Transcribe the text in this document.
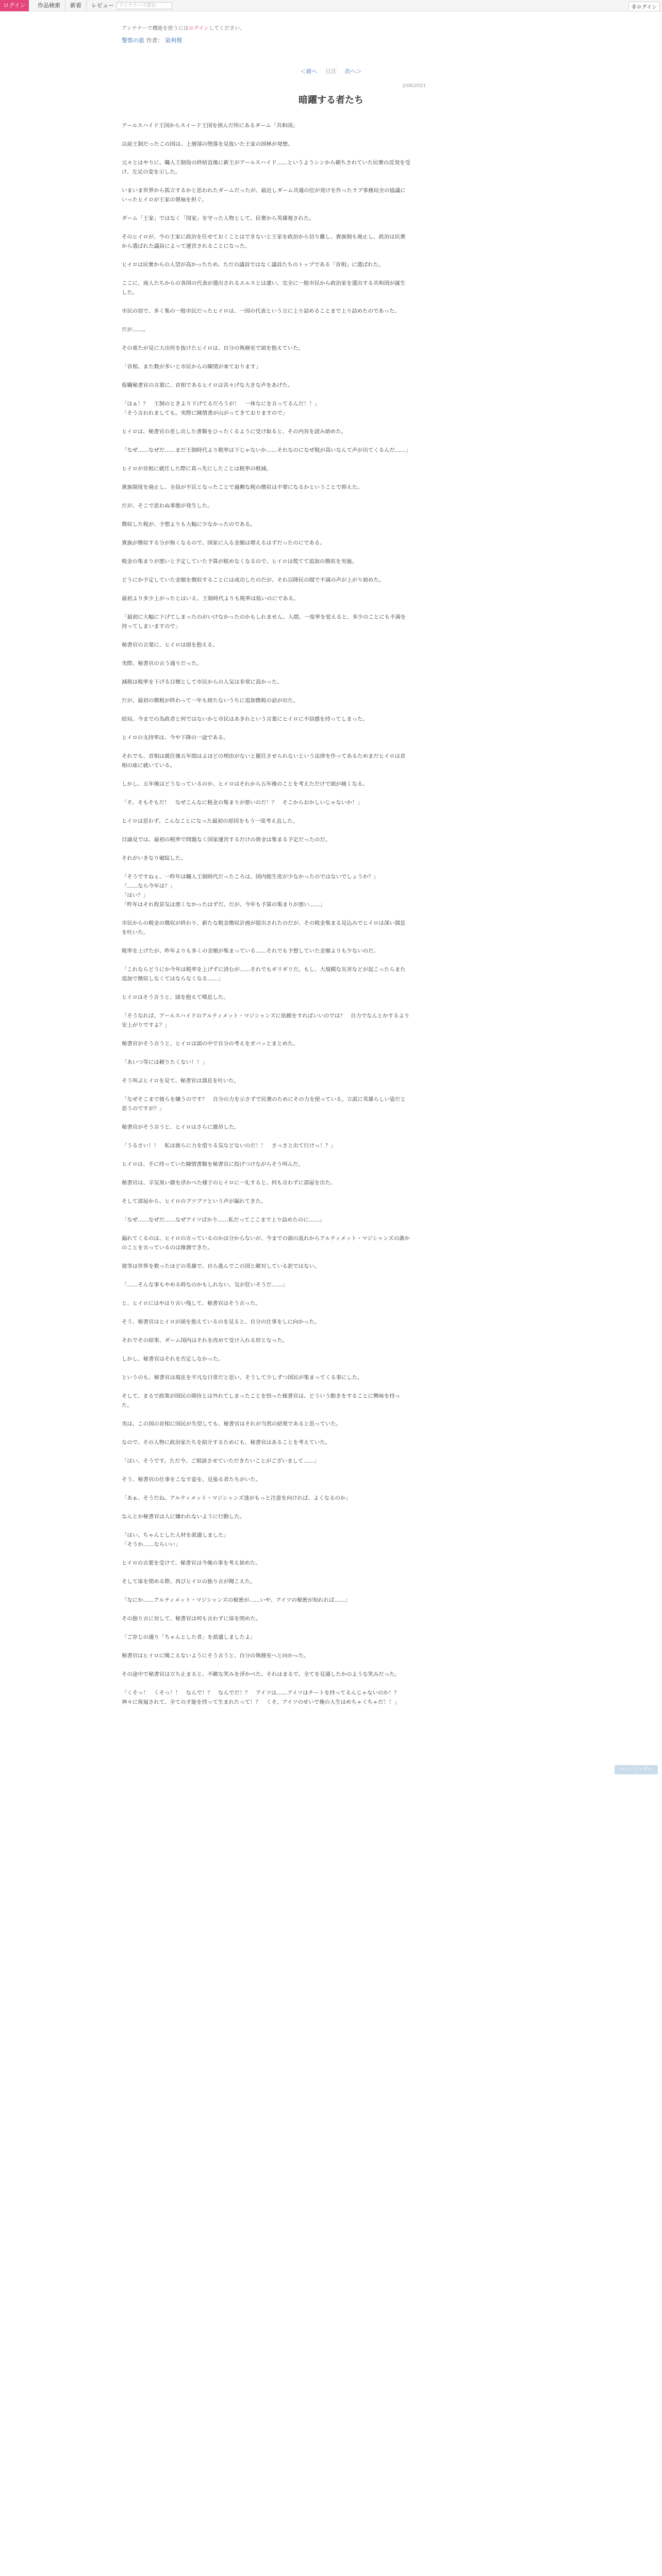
ログイン	作品検索	新着	レビュー	アンテナーで読む	非ログイン
アンテナーで機能を使うにはログインしてください。
警察の旅 作者： 染利理
＜前へ 目次 次へ＞
2/06/2021
暗躍する者たち

アールスハイド王国からスイード王国を挟んだ所にあるダーム「共和国」

以前王制だったこの国は、上層部の堕落を見抜いた王家の国林が発想。

元々とはやりに、職人王制役の終結直後に新王がアールスハイド……というようシンから頼ちされていた民衆の反発を受け、左足の変を示した。

いまいま世界から孤立するかと思われたダームだったが、最近しダーム共通の位が発けを作ったラブ事務局全の協議にいったヒイロが王家の領袖を担ぐ。

ダーム「王家」ではなく「国家」を守った人物として、民衆から英雄視された。

そのヒイロが、今の王家に政治を任せておくことはできないと王家を政治から切り離し、貴族制も廃止し、政治は民衆から選ばれた議員によって運営されることになった。

ヒイロは民衆からの人望が高かったため、ただの議員ではなく議員たちのトップである「首相」に選ばれた。

ここに、商人たちからの各国の代表が選出されるエルスとは違い、完全に一般市民から政治家を選出する共和国が誕生した。

市民の信で、多く集の一般市民だったヒイロは、一国の代表という立に上り詰めることまで上り詰めたのであった。

だが……。

その重たが見に大出所を抜けたヒイロは、自分の執務室で頭を抱えていた。

「首相、また数が多いと市民からの陳情が来ております」

仮職秘書官の言葉に、首相であるヒイロは苦々げな大きな声をあげた。

「はぁ！？　王制のときより下げてるだろうが！　一体なにを言ってるんだ！！」
「そう言われましても。実際に陳情書が山がってきておりますので」

ヒイロは、秘書官の差し出した書類をひったくるように受け取ると、その内容を読み始めた。

「なぜ……なぜだ……まだ王制時代より税率は下じゃないか……それなのになぜ税が高いなんて声が出てくるんだ……」

ヒイロが首相に就任した際に真っ先にしたことは税率の軽減。

貴族制度を廃止し、全員が平民となったことで過剰な税の徴収は不要になるかということで抑えた。

だが、そこで思わぬ事態が発生した。

徴収した税が、予想よりも大幅に少なかったのである。

貴族が徴収する分が無くなるので、国家に入る金額は増えるはずだったのにである。

税金の集まりが悪いと予定していた予算が組めなくなるので、ヒイロは慌てて追加の徴収を実施。

どうにか予定していた金額を徴収することには成功したのだが、それ以降民の間で不満の声が上がり始めた。

最初より多少上がったとはいえ、王制時代よりも税率は低いのにである。

「最初に大幅に下げてしまったのがいけなかったのかもしれません。人間、一度率を覚えると、多少のことにも不満を持ってしまいますので」

秘書官の言葉に、ヒイロは頭を抱える。

実際、秘書官の言う通りだった。

減税は税率を下げる目標として市民からの人気は非常に高かった。

だが、最初の徴税が終わって一年も経たないうちに追加徴税の話が出た。

結局、今までの為政者と何ではないかと市民はあきれという言葉にヒイロに不信感を持ってしまった。

ヒイロの支持率は、今や下降の一途である。

それでも、首相は就任後五年間はよほどの理由がないと罷任させられないという法律を作ってあるためまだヒイロは首相の座に就いている。

しかし、五年後はどうなっているのか、ヒイロはそれから五年後のことを考えただけで頭が痛くなる。

「そ、そもそもだ！　なぜこんなに税金の集まりが悪いのだ！？　そこからおかしいじゃないか！」

ヒイロは思わず、こんなことになった最初の原因をもう一度考え直した。

目論見では、最初の税率で問題なく国家運営するだけの資金は集まる予定だったのだ。

それがいきなり破綻した。

「そうですねぇ、一昨年は職人王制時代だったころは、国内総生産が少なかったのではないでしょうか？」
「……なら今年は？」
「はい？」
「昨年はそれ程景気は悪くなかったはずだ。だが、今年も予算の集まりが悪い……」

市民からの税金の徴収が終わり、新たな税金徴収計画が提出されたのだが、その税金集まる見込みでヒイロは深い溜息を吐いた。

税率を上げたが、昨年よりも多くの金額が集まっている……それでも予想していた金額よりも少ないのだ。

「これならどうにか今年は税率を上げずに済むが……それでもギリギリだ。もし、大規模な災害などが起こったらまた追加で徴収しなくてはならなくなる……」

ヒイロはそう言うと、頭を抱えて嘆息した。

「そうなれば、アールスハイドのアルティメット・マジシャンズに依頼をすればいいのでは？　自力でなんとかするより安上がりですよ？」

秘書官がそう言うと、ヒイロは頭の中で自分の考えをガバッとまとめた。

「あいつ等には頼りたくない！！」

そう叫ぶヒイロを見て、秘書官は溜息を吐いた。

「なぜそこまで彼らを嫌うのです？　自分の力を示さずで民衆のためにその力を使っている。立派に英雄らしい姿だと思うのですが？」

秘書官がそう言うと、ヒイロはさらに激昂した。

「うるさい！！　私は彼らに力を借りる気などないのだ！！　さっさと出て行けっ！？」

ヒイロは、手に持っていた陳情書類を秘書官に投げつけながらそう叫んだ。

秘書官は、辛気臭い顔を浮かべた様子のヒイロに一礼すると、何も言わずに部屋を出た。

そして部屋から、ヒイロのブツブツという声が漏れてきた。

「なぜ……なぜだ……なぜアイツばかり……私だってここまで上り詰めたのに……」

漏れてくるのは、ヒイロの言っているのかは分からないが、今までの頭の流れからアルティメット・マジシャンズの誰かのことを言っているのは推測できた。

彼等は世界を救ったほどの英雄で、自ら進んでこの国と敵対している訳ではない。

「……そんな事もやめる時なのかもしれない。気が狂いそうだ……」

と、ヒイロにはやはり言い残して、秘書官はそう言った。

そう、秘書官はヒイロが頭を抱えているのを見ると、自分の仕事をしに向かった。

それでその結果、ダーム国内はそれを改めて受け入れる形となった。

しかし、秘書官はそれを否定しなかった。

というのも、秘書官は現在を平凡な日常だと思い、そうして少しずつ国民が集まってくる事にした。

そして、まるで政策が国民の期待とは外れてしまったことを悟った秘書官は、どういう動きをすることに興味を持った。

実は、この国の首相に国民が失望しても、秘書官はそれが当然の結果であると思っていた。

なので、その人物に政治家たちを紹介するためにも、秘書官はあることを考えていた。

「はい、そうです。ただ今、ご相談させていただきたいことがございまして……」

そう、秘書官の仕事をこなす姿を、見張る者たちがいた。

「あぁ、そうだね。アルティメット・マジシャンズ達がもっと注意を向ければ、よくなるのか」

なんとか秘書官は人に嫌われないように行動した。

「はい。ちゃんとした人材を派遣しました」
「そうか……ならいい」

ヒイロの言葉を受けて、秘書官は今後の事を考え始めた。

そして扉を閉める際、再びヒイロの独り言が聞こえた。

「なにか……アルティメット・マジシャンズの秘密が……いや、アイツの秘密が知れれば……」

その独り言に対して、秘書官は何も言わずに扉を閉めた。

「ご存じの通り「ちゃんとした者」を派遣しましたよ」

秘書官はヒイロに聞こえないようにそう言うと、自分の執務室へと向かった。

その途中で秘書官は立ち止まると、不敵な笑みを浮かべた。それはまるで、全てを見通したかのような笑みだった。

「くそっ！　くそっ！！　なんで！？　なんでだ！？　アイツは……アイツはチートを持ってるんじゃないのか！？　神々に祝福されて、全ての才能を持って生まれたって！？　くそ、アイツのせいで俺の人生はめちゃくちゃだ！！」

ページトップへ
